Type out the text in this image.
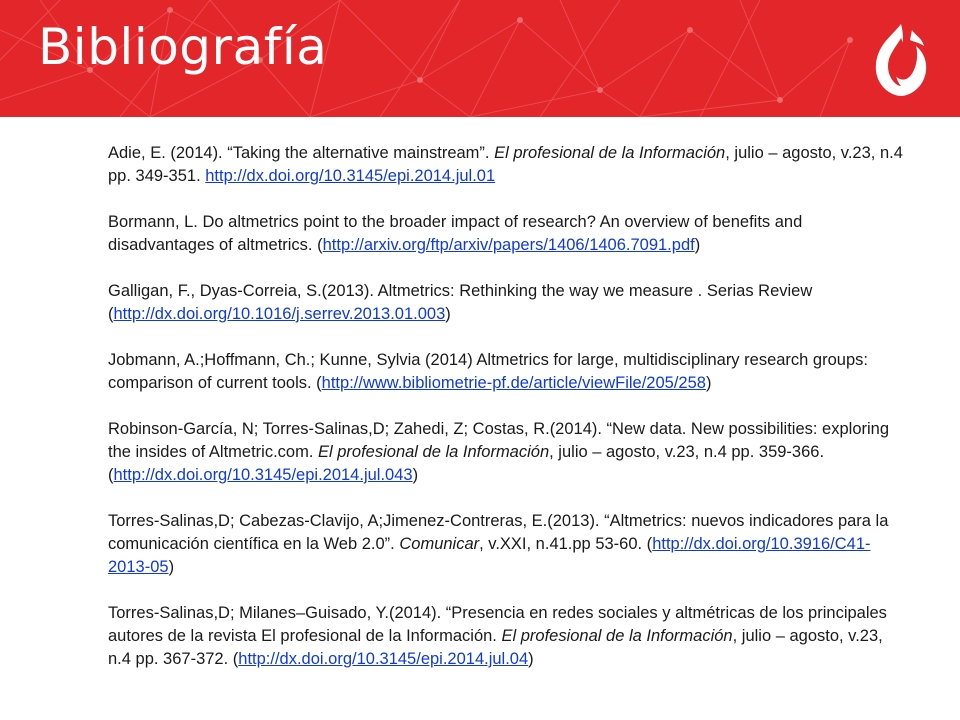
Bibliografía

Adie, E. (2014). “Taking the alternative mainstream”. El profesional de la Información, julio – agosto, v.23, n.4 pp. 349-351. http://dx.doi.org/10.3145/epi.2014.jul.01

Bormann, L. Do altmetrics point to the broader impact of research? An overview of benefits and disadvantages of altmetrics. (http://arxiv.org/ftp/arxiv/papers/1406/1406.7091.pdf)

Galligan, F., Dyas-Correia, S.(2013). Altmetrics: Rethinking the way we measure . Serias Review (http://dx.doi.org/10.1016/j.serrev.2013.01.003)

Jobmann, A.;Hoffmann, Ch.; Kunne, Sylvia (2014) Altmetrics for large, multidisciplinary research groups: comparison of current tools. (http://www.bibliometrie-pf.de/article/viewFile/205/258)

Robinson-García, N; Torres-Salinas,D; Zahedi, Z; Costas, R.(2014). “New data. New possibilities: exploring the insides of Altmetric.com. El profesional de la Información, julio – agosto, v.23, n.4 pp. 359-366. (http://dx.doi.org/10.3145/epi.2014.jul.043)

Torres-Salinas,D; Cabezas-Clavijo, A;Jimenez-Contreras, E.(2013). “Altmetrics: nuevos indicadores para la comunicación científica en la Web 2.0”. Comunicar, v.XXI, n.41.pp 53-60. (http://dx.doi.org/10.3916/C41-2013-05)

Torres-Salinas,D; Milanes–Guisado, Y.(2014). “Presencia en redes sociales y altmétricas de los principales autores de la revista El profesional de la Información. El profesional de la Información, julio – agosto, v.23, n.4 pp. 367-372. (http://dx.doi.org/10.3145/epi.2014.jul.04)
